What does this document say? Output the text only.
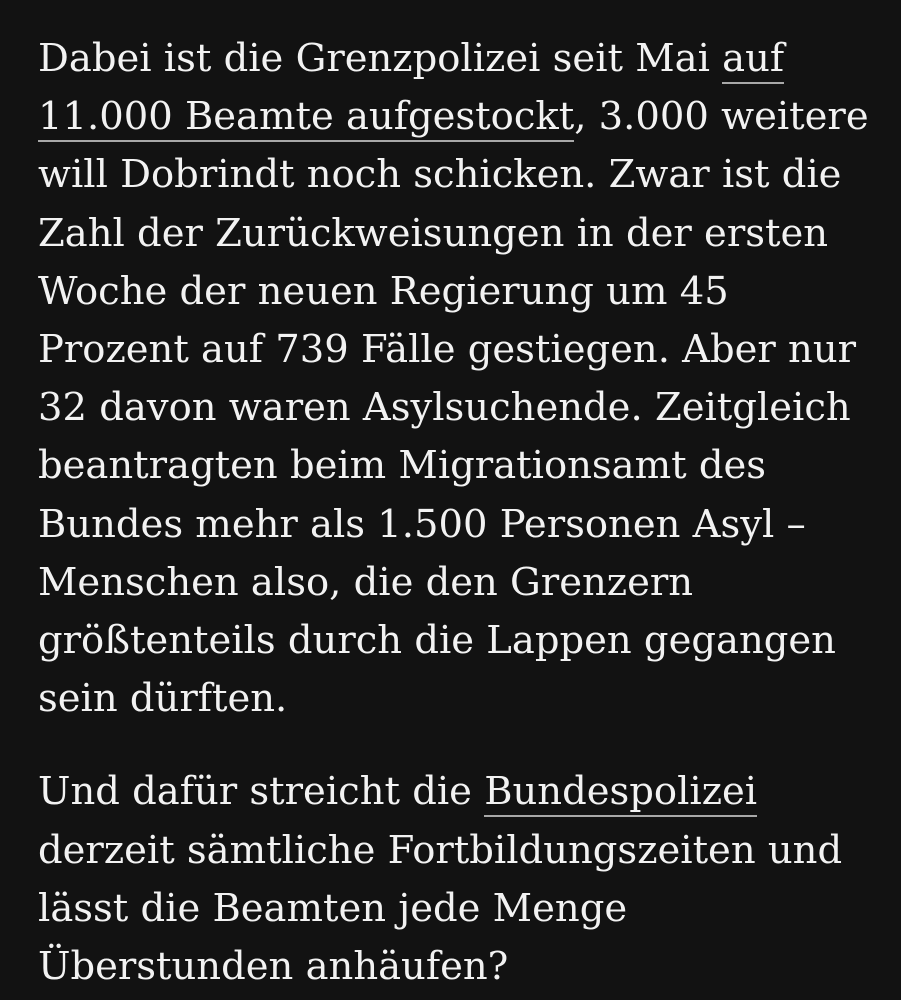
Dabei ist die Grenzpolizei seit Mai auf 11.000 Beamte aufgestockt, 3.000 weitere will Dobrindt noch schicken. Zwar ist die Zahl der Zurückweisungen in der ersten Woche der neuen Regierung um 45 Prozent auf 739 Fälle gestiegen. Aber nur 32 davon waren Asylsuchende. Zeitgleich beantragten beim Migrationsamt des Bundes mehr als 1.500 Personen Asyl – Menschen also, die den Grenzern größtenteils durch die Lappen gegangen sein dürften.

Und dafür streicht die Bundespolizei derzeit sämtliche Fortbildungszeiten und lässt die Beamten jede Menge Überstunden anhäufen?
